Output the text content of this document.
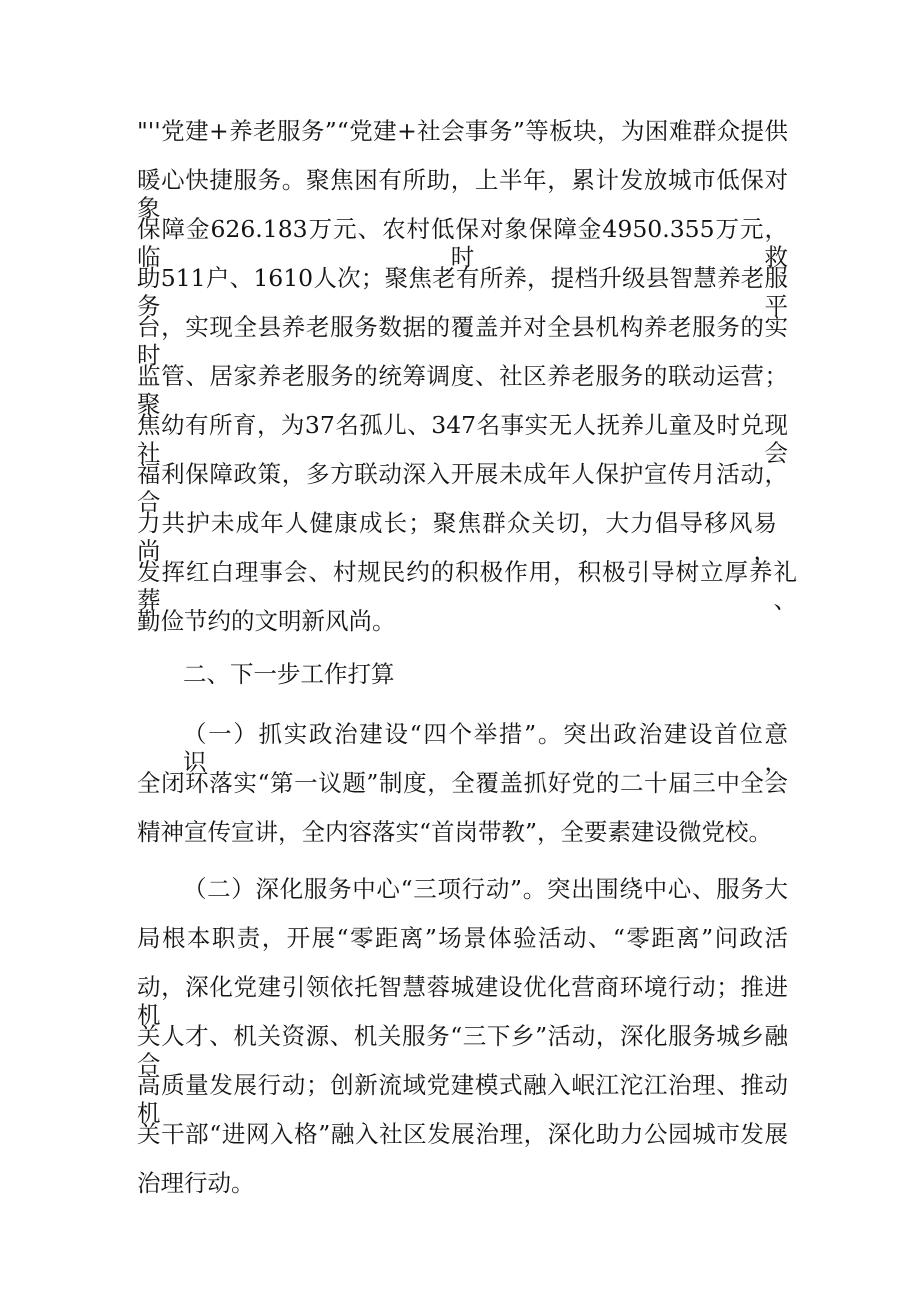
"''党建+养老服务”“党建+社会事务”等板块，为困难群众提供
暖心快捷服务。聚焦困有所助，上半年，累计发放城市低保对象
保障金626.183万元、农村低保对象保障金4950.355万元，临时救
助511户、1610人次；聚焦老有所养，提档升级县智慧养老服务平
台，实现全县养老服务数据的覆盖并对全县机构养老服务的实时
监管、居家养老服务的统筹调度、社区养老服务的联动运营；聚
焦幼有所育，为37名孤儿、347名事实无人抚养儿童及时兑现社会
福利保障政策，多方联动深入开展未成年人保护宣传月活动，合
力共护未成年人健康成长；聚焦群众关切，大力倡导移风易尚，
发挥红白理事会、村规民约的积极作用，积极引导树立厚养礼葬、
勤俭节约的文明新风尚。
二、下一步工作打算
（一）抓实政治建设“四个举措”。突出政治建设首位意识，
全闭环落实“第一议题”制度，全覆盖抓好党的二十届三中全会
精神宣传宣讲，全内容落实“首岗带教”，全要素建设微党校。
（二）深化服务中心“三项行动”。突出围绕中心、服务大
局根本职责，开展“零距离”场景体验活动、“零距离”问政活
动，深化党建引领依托智慧蓉城建设优化营商环境行动；推进机
关人才、机关资源、机关服务“三下乡”活动，深化服务城乡融合
高质量发展行动；创新流域党建模式融入岷江沱江治理、推动机
关干部“进网入格”融入社区发展治理，深化助力公园城市发展
治理行动。
